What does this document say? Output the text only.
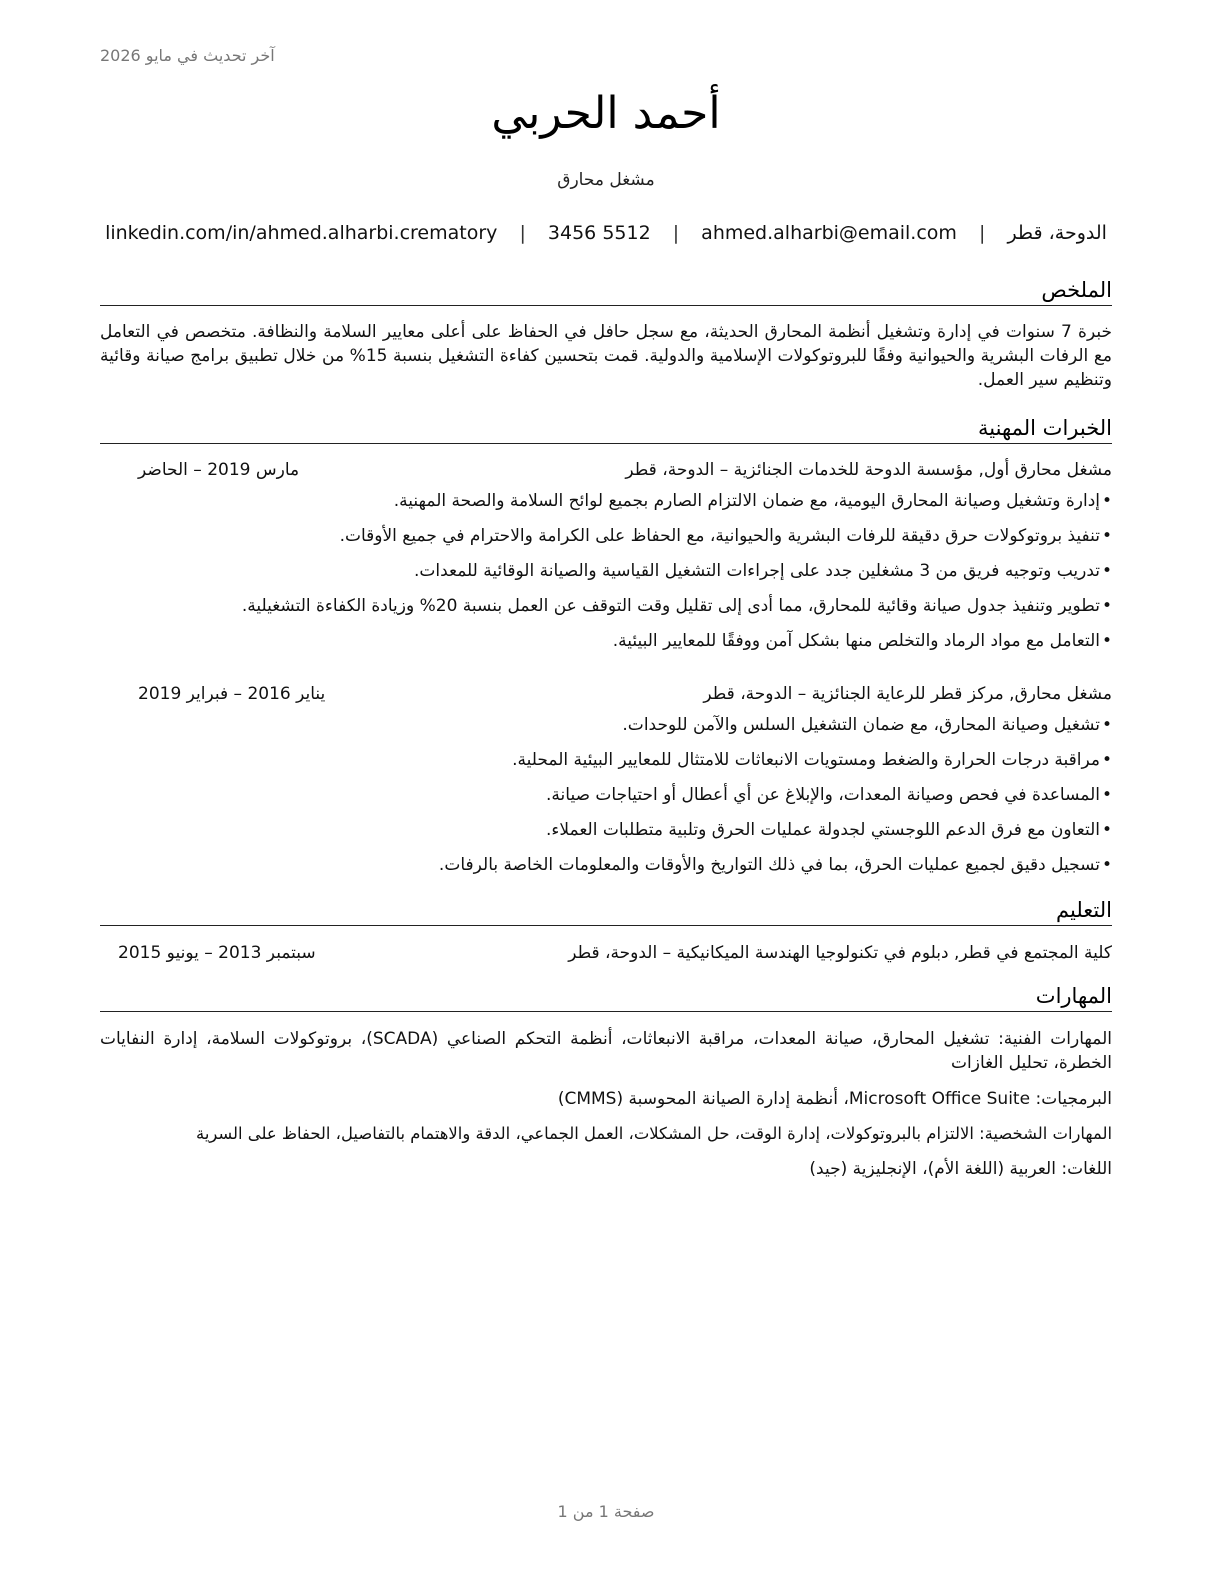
آخر تحديث في مايو 2026
أحمد الحربي
مشغل محارق
الدوحة، قطر | ahmed.alharbi@email.com | 3456 5512 | linkedin.com/in/ahmed.alharbi.crematory
الملخص
خبرة 7 سنوات في إدارة وتشغيل أنظمة المحارق الحديثة، مع سجل حافل في الحفاظ على أعلى معايير السلامة والنظافة. متخصص في التعامل مع الرفات البشرية والحيوانية وفقًا للبروتوكولات الإسلامية والدولية. قمت بتحسين كفاءة التشغيل بنسبة 15% من خلال تطبيق برامج صيانة وقائية وتنظيم سير العمل.
الخبرات المهنية
مشغل محارق أول, مؤسسة الدوحة للخدمات الجنائزية – الدوحة، قطر
مارس 2019 – الحاضر
•إدارة وتشغيل وصيانة المحارق اليومية، مع ضمان الالتزام الصارم بجميع لوائح السلامة والصحة المهنية.
•تنفيذ بروتوكولات حرق دقيقة للرفات البشرية والحيوانية، مع الحفاظ على الكرامة والاحترام في جميع الأوقات.
•تدريب وتوجيه فريق من 3 مشغلين جدد على إجراءات التشغيل القياسية والصيانة الوقائية للمعدات.
•تطوير وتنفيذ جدول صيانة وقائية للمحارق، مما أدى إلى تقليل وقت التوقف عن العمل بنسبة 20% وزيادة الكفاءة التشغيلية.
•التعامل مع مواد الرماد والتخلص منها بشكل آمن ووفقًا للمعايير البيئية.
مشغل محارق, مركز قطر للرعاية الجنائزية – الدوحة، قطر
يناير 2016 – فبراير 2019
•تشغيل وصيانة المحارق، مع ضمان التشغيل السلس والآمن للوحدات.
•مراقبة درجات الحرارة والضغط ومستويات الانبعاثات للامتثال للمعايير البيئية المحلية.
•المساعدة في فحص وصيانة المعدات، والإبلاغ عن أي أعطال أو احتياجات صيانة.
•التعاون مع فرق الدعم اللوجستي لجدولة عمليات الحرق وتلبية متطلبات العملاء.
•تسجيل دقيق لجميع عمليات الحرق، بما في ذلك التواريخ والأوقات والمعلومات الخاصة بالرفات.
التعليم
كلية المجتمع في قطر, دبلوم في تكنولوجيا الهندسة الميكانيكية – الدوحة، قطر
سبتمبر 2013 – يونيو 2015
المهارات
المهارات الفنية: تشغيل المحارق، صيانة المعدات، مراقبة الانبعاثات، أنظمة التحكم الصناعي (SCADA)، بروتوكولات السلامة، إدارة النفايات الخطرة، تحليل الغازات
البرمجيات: Microsoft Office Suite، أنظمة إدارة الصيانة المحوسبة (CMMS)
المهارات الشخصية: الالتزام بالبروتوكولات، إدارة الوقت، حل المشكلات، العمل الجماعي، الدقة والاهتمام بالتفاصيل، الحفاظ على السرية
اللغات: العربية (اللغة الأم)، الإنجليزية (جيد)
صفحة 1 من 1
